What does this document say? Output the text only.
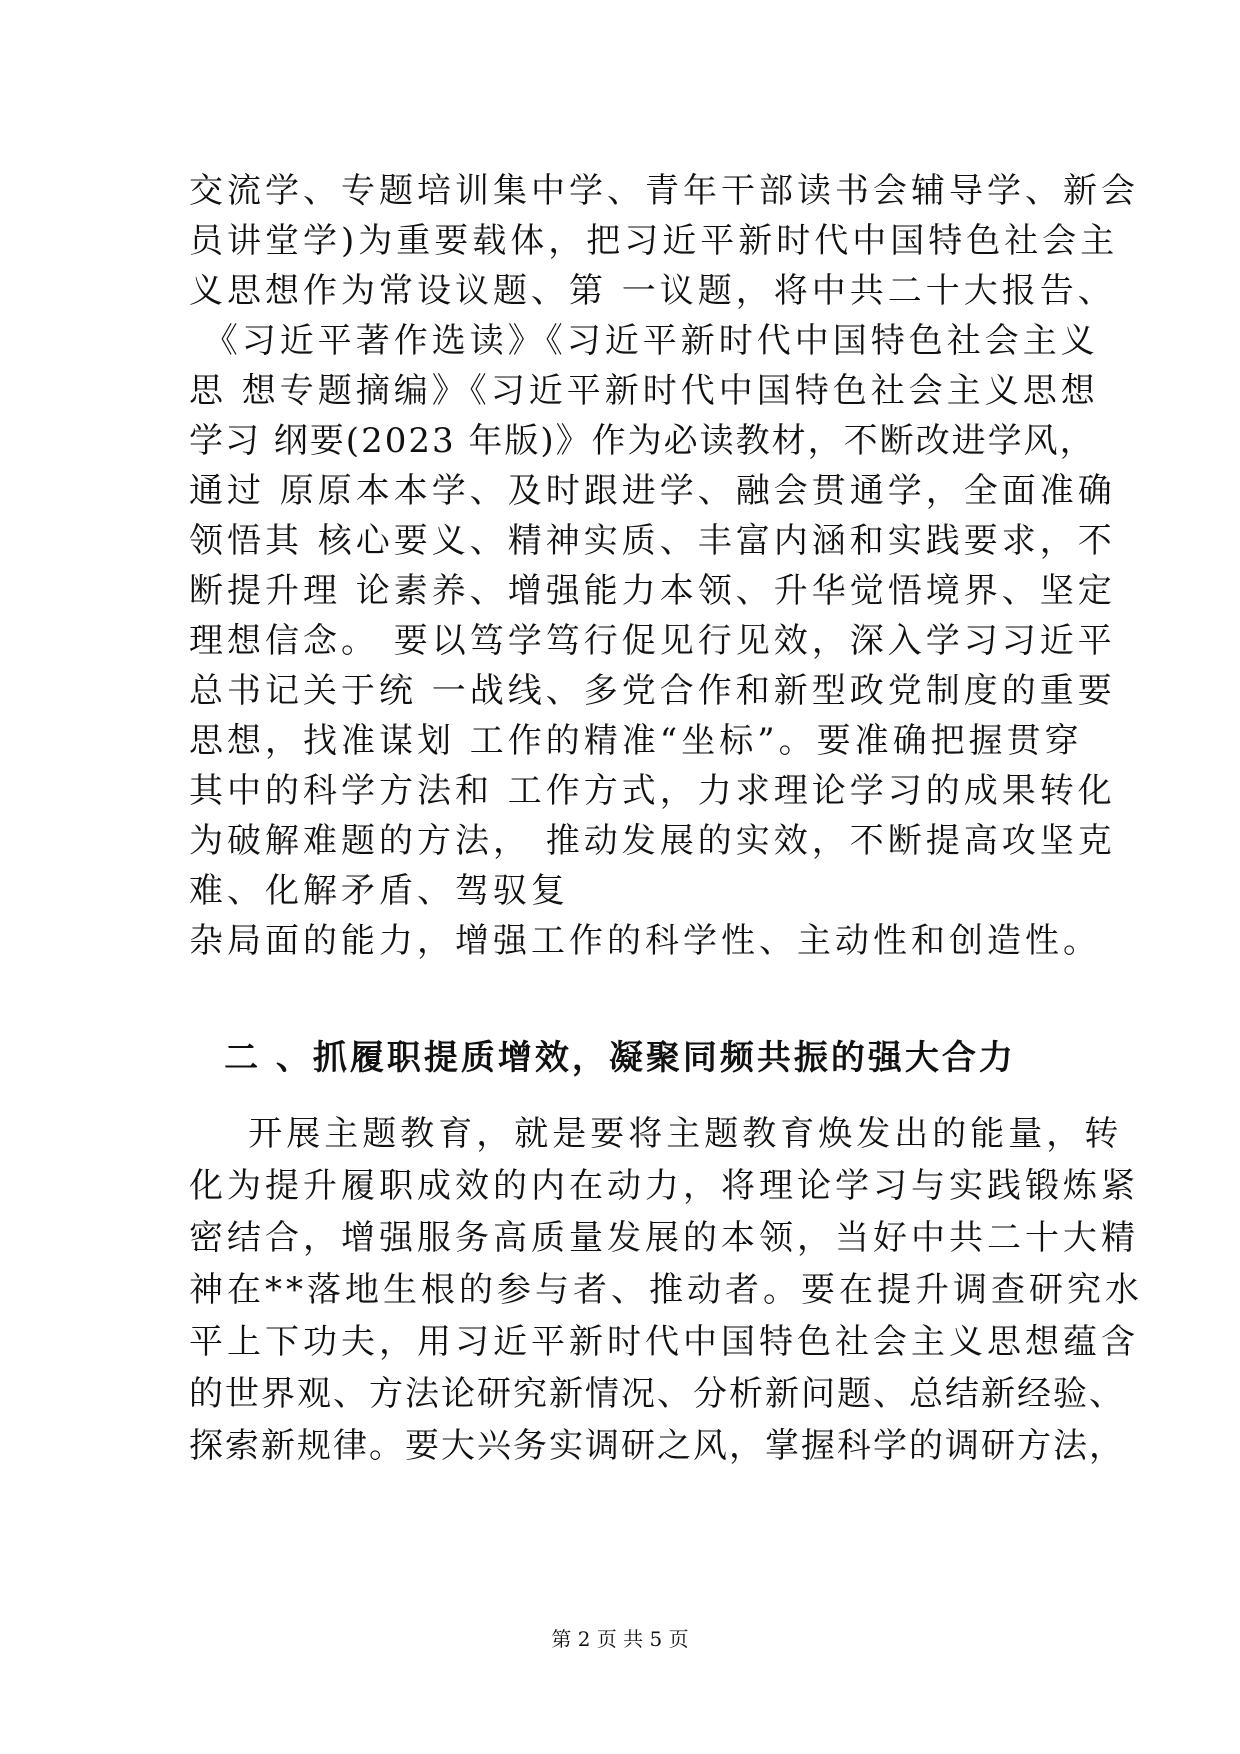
交流学、专题培训集中学、青年干部读书会辅导学、新会
员讲堂学)为重要载体，把习近平新时代中国特色社会主
义思想作为常设议题、第 一议题，将中共二十大报告、
《习近平著作选读》《习近平新时代中国特色社会主义
思 想专题摘编》《习近平新时代中国特色社会主义思想
学习 纲要(2023 年版)》作为必读教材，不断改进学风，
通过 原原本本学、及时跟进学、融会贯通学，全面准确
领悟其 核心要义、精神实质、丰富内涵和实践要求，不
断提升理 论素养、增强能力本领、升华觉悟境界、坚定
理想信念。 要以笃学笃行促见行见效，深入学习习近平
总书记关于统 一战线、多党合作和新型政党制度的重要
思想，找准谋划 工作的精准“坐标”。要准确把握贯穿
其中的科学方法和 工作方式，力求理论学习的成果转化
为破解难题的方法， 推动发展的实效，不断提高攻坚克
难、化解矛盾、驾驭复
杂局面的能力，增强工作的科学性、主动性和创造性。
二 、抓履职提质增效，凝聚同频共振的强大合力
开展主题教育，就是要将主题教育焕发出的能量，转
化为提升履职成效的内在动力，将理论学习与实践锻炼紧
密结合，增强服务高质量发展的本领，当好中共二十大精
神在**落地生根的参与者、推动者。要在提升调查研究水
平上下功夫，用习近平新时代中国特色社会主义思想蕴含
的世界观、方法论研究新情况、分析新问题、总结新经验、
探索新规律。要大兴务实调研之风，掌握科学的调研方法，
第 2 页 共 5 页
